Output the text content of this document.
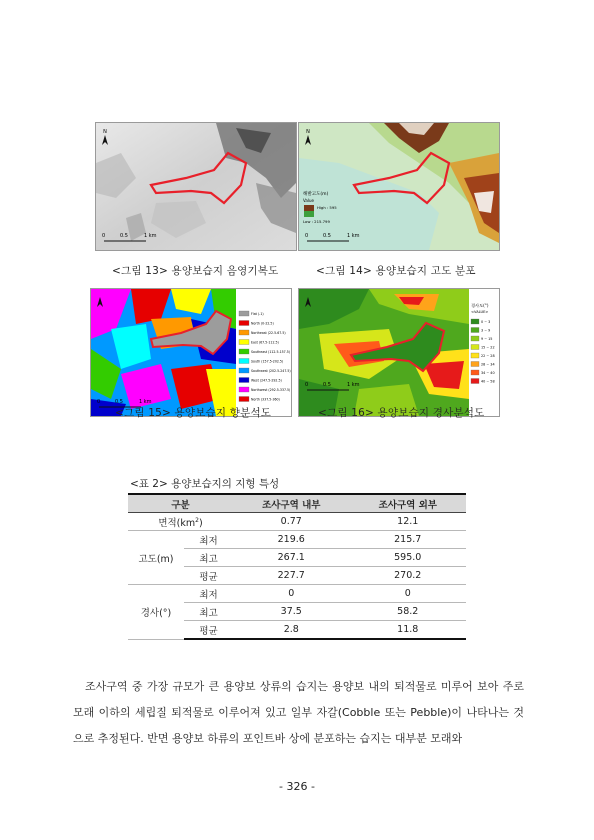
N
0	0.5	1 km
<그림 13> 용양보습지 음영기복도
N
해발고도(m)
Value
High : 595
Low : 215.799
0	0.5	1 km
<그림 14> 용양보습지 고도 분포
0	0.5	1 km
Flat (-1)
North (0-22.5)
Northeast (22.5-67.5)
East (67.5-112.5)
Southeast (112.5-157.5)
South (157.5-202.5)
Southwest (202.5-247.5)
West (247.5-292.5)
Northwest (292.5-337.5)
North (337.5-360)
<그림 15> 용양보습지 향분석도
0	0.5	1 km
경사도(°)
<VALUE>
0 ~ 3
3 ~ 9
9 ~ 15
15 ~ 22
22 ~ 28
28 ~ 34
34 ~ 40
40 ~ 58
<그림 16> 용양보습지 경사분석도
<표 2> 용양보습지의 지형 특성
구분		조사구역 내부	조사구역 외부
면적$(km^2)$		0.77	12.1
고도(m)	최저	219.6	215.7
	최고	267.1	595.0
	평균	227.7	270.2
경사(°)	최저	0	0
	최고	37.5	58.2
	평균	2.8	11.8
조사구역 중 가장 규모가 큰 용양보 상류의 습지는 용양보 내의 퇴적물로 미루어 보아 주로 모래 이하의 세립질 퇴적물로 이루어져 있고 일부 자갈(Cobble 또는 Pebble)이 나타나는 것으로 추정된다. 반면 용양보 하류의 포인트바 상에 분포하는 습지는 대부분 모래와
- 326 -
